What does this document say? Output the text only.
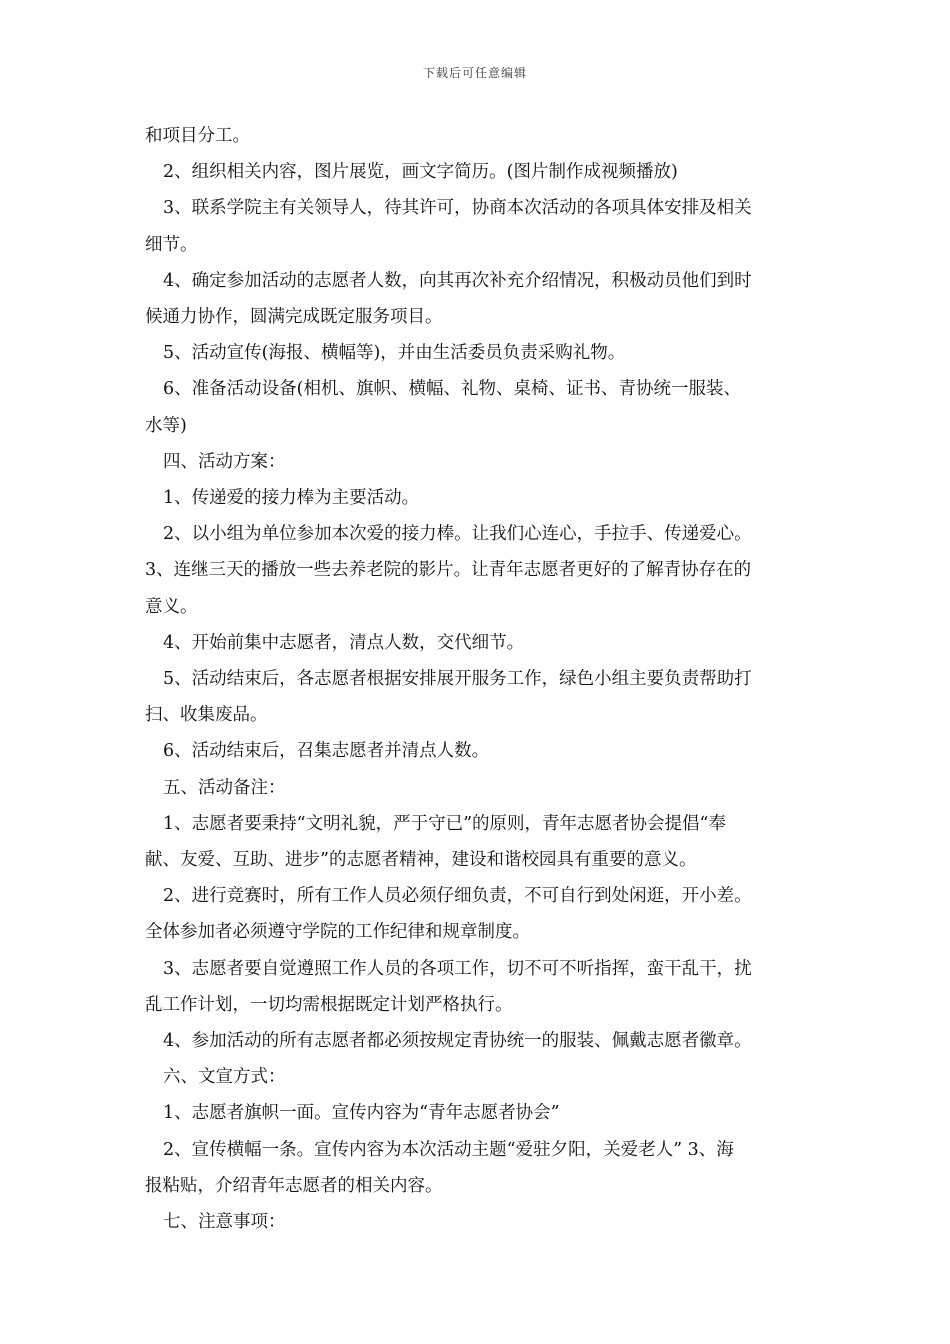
下载后可任意编辑
和项目分工。
2、组织相关内容，图片展览，画文字简历。(图片制作成视频播放)
3、联系学院主有关领导人，待其许可，协商本次活动的各项具体安排及相关
细节。
4、确定参加活动的志愿者人数，向其再次补充介绍情况，积极动员他们到时
候通力协作，圆满完成既定服务项目。
5、活动宣传(海报、横幅等)，并由生活委员负责采购礼物。
6、准备活动设备(相机、旗帜、横幅、礼物、桌椅、证书、青协统一服装、
水等)
四、活动方案：
1、传递爱的接力棒为主要活动。
2、以小组为单位参加本次爱的接力棒。让我们心连心，手拉手、传递爱心。
3、连继三天的播放一些去养老院的影片。让青年志愿者更好的了解青协存在的
意义。
4、开始前集中志愿者，清点人数，交代细节。
5、活动结束后，各志愿者根据安排展开服务工作，绿色小组主要负责帮助打
扫、收集废品。
6、活动结束后，召集志愿者并清点人数。
五、活动备注：
1、志愿者要秉持“文明礼貌，严于守已”的原则，青年志愿者协会提倡“奉
献、友爱、互助、进步”的志愿者精神，建设和谐校园具有重要的意义。
2、进行竞赛时，所有工作人员必须仔细负责，不可自行到处闲逛，开小差。
全体参加者必须遵守学院的工作纪律和规章制度。
3、志愿者要自觉遵照工作人员的各项工作，切不可不听指挥，蛮干乱干，扰
乱工作计划，一切均需根据既定计划严格执行。
4、参加活动的所有志愿者都必须按规定青协统一的服装、佩戴志愿者徽章。
六、文宣方式：
1、志愿者旗帜一面。宣传内容为“青年志愿者协会”
2、宣传横幅一条。宣传内容为本次活动主题“爱驻夕阳，关爱老人” 3、海
报粘贴，介绍青年志愿者的相关内容。
七、注意事项：
